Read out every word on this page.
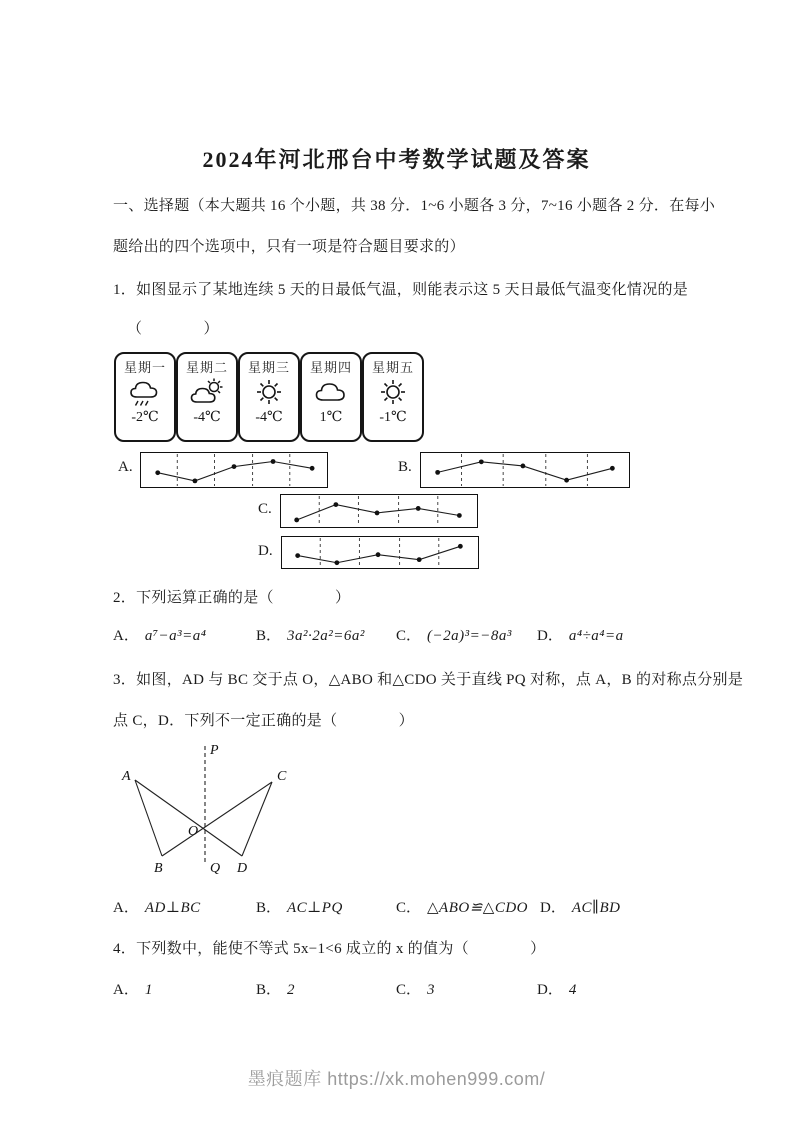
2024年河北邢台中考数学试题及答案
一、选择题（本大题共 16 个小题，共 38 分．1~6 小题各 3 分，7~16 小题各 2 分．在每小
题给出的四个选项中，只有一项是符合题目要求的）
1．如图显示了某地连续 5 天的日最低气温，则能表示这 5 天日最低气温变化情况的是
（　　　　）
星期一
-2℃
星期二
-4℃
星期三
-4℃
星期四
1℃
星期五
-1℃
A.	B.
C.
D.
2．下列运算正确的是（　　　　）
A． a⁷−a³=a⁴	B． 3a²·2a²=6a² C． (−2a)³=−8a³ D． a⁴÷a⁴=a
3．如图，AD 与 BC 交于点 O，△ABO 和△CDO 关于直线 PQ 对称，点 A，B 的对称点分别是
点 C，D．下列不一定正确的是（　　　　）
A
P
C
O
B	Q D
A． AD⊥BC	B． AC⊥PQ	C． △ABO≌△CDO D． AC∥BD
4．下列数中，能使不等式 5x−1<6 成立的 x 的值为（　　　　）
A． 1	B． 2	C． 3	D． 4
墨痕题库 https://xk.mohen999.com/
